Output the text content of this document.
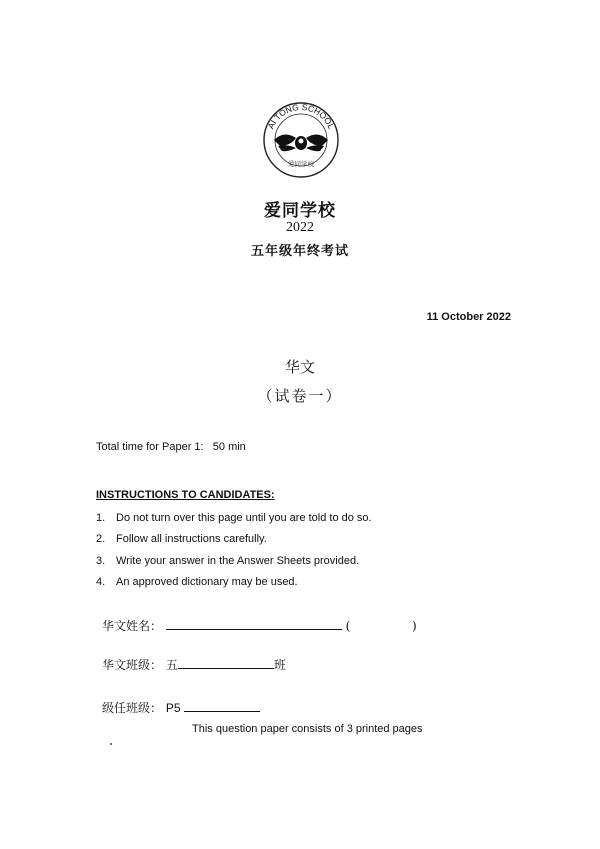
AI TONG SCHOOL
爱同学校
爱同学校
2022
五年级年终考试
11 October 2022
华文
（试卷一）
Total time for Paper 1: 50 min
INSTRUCTIONS TO CANDIDATES:
1. Do not turn over this page until you are told to do so.
2. Follow all instructions carefully.
3. Write your answer in the Answer Sheets provided.
4. An approved dictionary may be used.
华文姓名：	(	)
华文班级： 五	班
级任班级： P5
This question paper consists of 3 printed pages
